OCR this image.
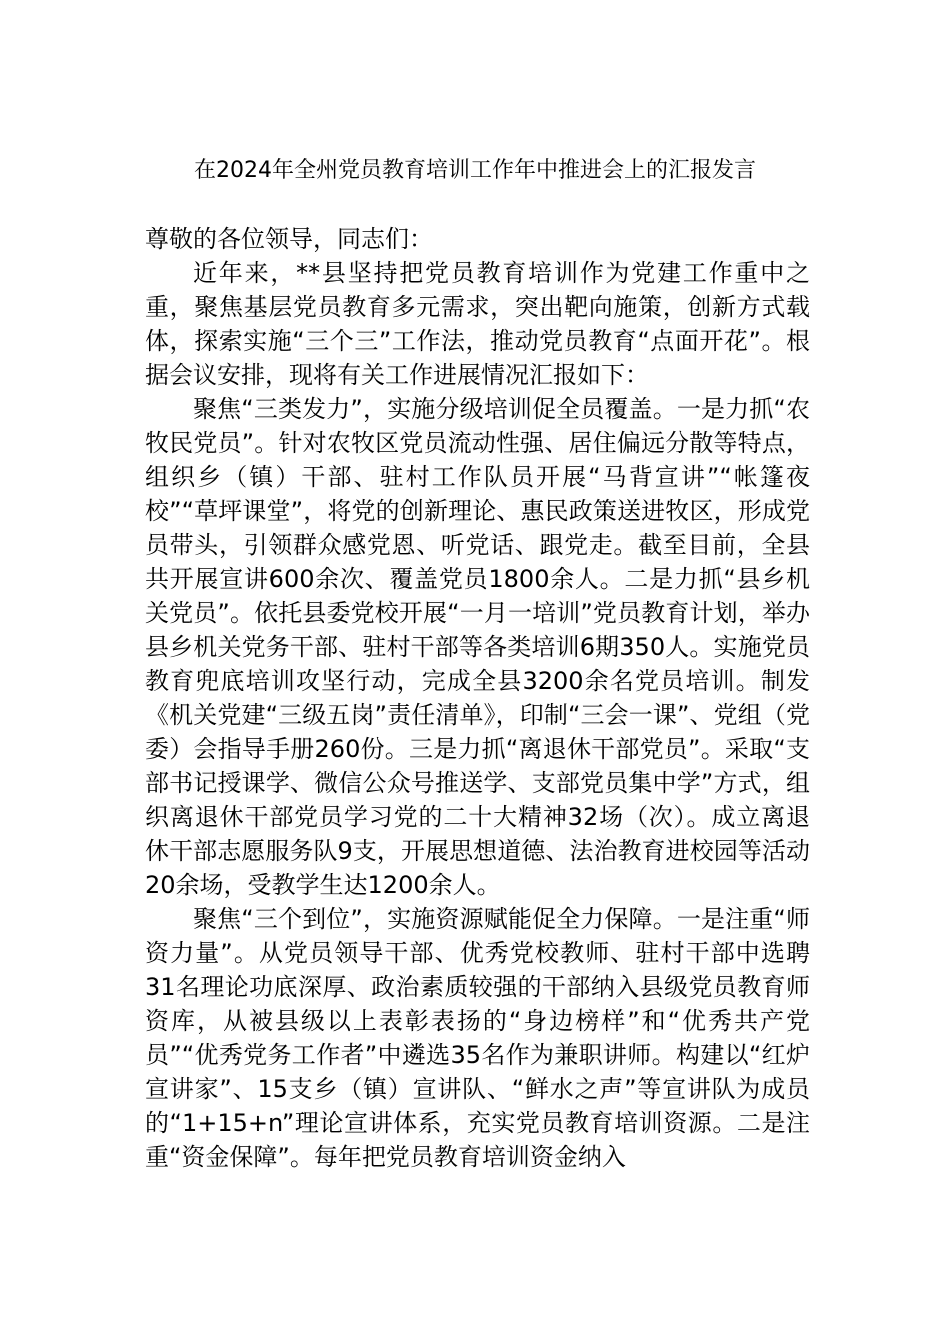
在2024年全州党员教育培训工作年中推进会上的汇报发言

尊敬的各位领导，同志们：

近年来，**县坚持把党员教育培训作为党建工作重中之重，聚焦基层党员教育多元需求，突出靶向施策，创新方式载体，探索实施“三个三”工作法，推动党员教育“点面开花”。根据会议安排，现将有关工作进展情况汇报如下：

聚焦“三类发力”，实施分级培训促全员覆盖。一是力抓“农牧民党员”。针对农牧区党员流动性强、居住偏远分散等特点，组织乡（镇）干部、驻村工作队员开展“马背宣讲”“帐篷夜校”“草坪课堂”，将党的创新理论、惠民政策送进牧区，形成党员带头，引领群众感党恩、听党话、跟党走。截至目前，全县共开展宣讲600余次、覆盖党员1800余人。二是力抓“县乡机关党员”。依托县委党校开展“一月一培训”党员教育计划，举办县乡机关党务干部、驻村干部等各类培训6期350人。实施党员教育兜底培训攻坚行动，完成全县3200余名党员培训。制发《机关党建“三级五岗”责任清单》，印制“三会一课”、党组（党委）会指导手册260份。三是力抓“离退休干部党员”。采取“支部书记授课学、微信公众号推送学、支部党员集中学”方式，组织离退休干部党员学习党的二十大精神32场（次）。成立离退休干部志愿服务队9支，开展思想道德、法治教育进校园等活动20余场，受教学生达1200余人。

聚焦“三个到位”，实施资源赋能促全力保障。一是注重“师资力量”。从党员领导干部、优秀党校教师、驻村干部中选聘31名理论功底深厚、政治素质较强的干部纳入县级党员教育师资库，从被县级以上表彰表扬的“身边榜样”和“优秀共产党员”“优秀党务工作者”中遴选35名作为兼职讲师。构建以“红炉宣讲家”、15支乡（镇）宣讲队、“鲜水之声”等宣讲队为成员的“1+15+n”理论宣讲体系，充实党员教育培训资源。二是注重“资金保障”。每年把党员教育培训资金纳入
